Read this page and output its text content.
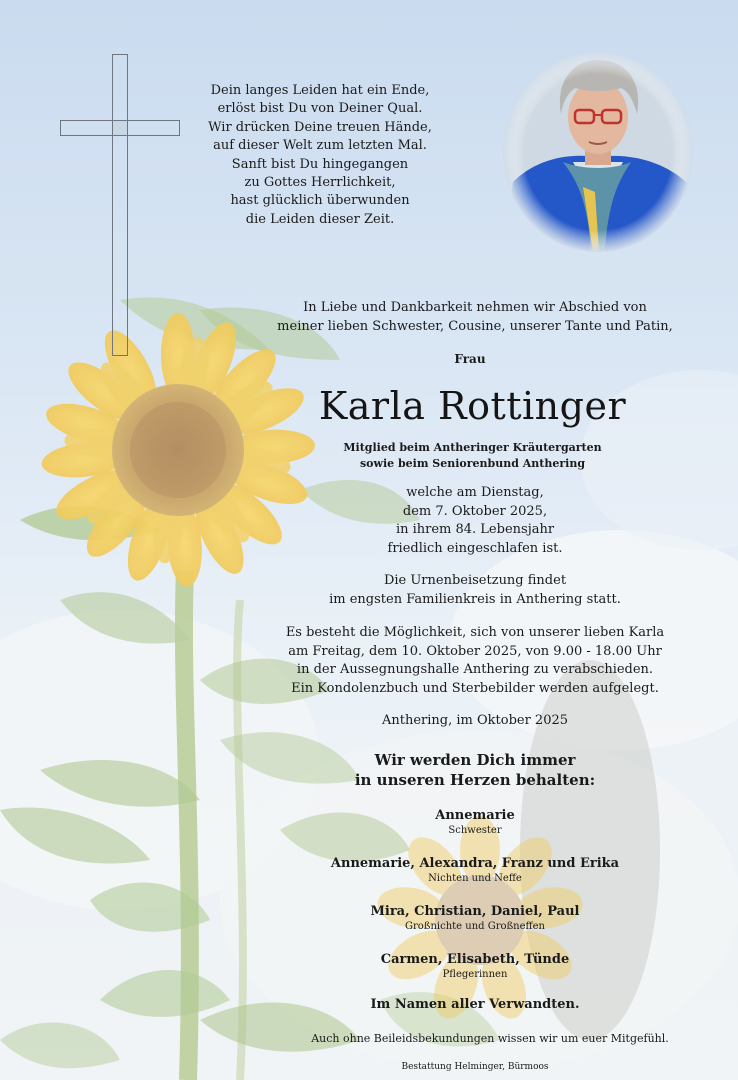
Dein langes Leiden hat ein Ende,
erlöst bist Du von Deiner Qual.
Wir drücken Deine treuen Hände,
auf dieser Welt zum letzten Mal.
Sanft bist Du hingegangen
zu Gottes Herrlichkeit,
hast glücklich überwunden
die Leiden dieser Zeit.
In Liebe und Dankbarkeit nehmen wir Abschied von
meiner lieben Schwester, Cousine, unserer Tante und Patin,
Frau
Karla Rottinger
Mitglied beim Antheringer Kräutergarten
sowie beim Seniorenbund Anthering
welche am Dienstag,
dem 7. Oktober 2025,
in ihrem 84. Lebensjahr
friedlich eingeschlafen ist.
Die Urnenbeisetzung findet
im engsten Familienkreis in Anthering statt.
Es besteht die Möglichkeit, sich von unserer lieben Karla
am Freitag, dem 10. Oktober 2025, von 9.00 - 18.00 Uhr
in der Aussegnungshalle Anthering zu verabschieden.
Ein Kondolenzbuch und Sterbebilder werden aufgelegt.
Anthering, im Oktober 2025
Wir werden Dich immer
in unseren Herzen behalten:
Annemarie
Schwester
Annemarie, Alexandra, Franz und Erika
Nichten und Neffe
Mira, Christian, Daniel, Paul
Großnichte und Großneffen
Carmen, Elisabeth, Tünde
Pflegerinnen
Im Namen aller Verwandten.
Auch ohne Beileidsbekundungen wissen wir um euer Mitgefühl.
Bestattung Helminger, Bürmoos
